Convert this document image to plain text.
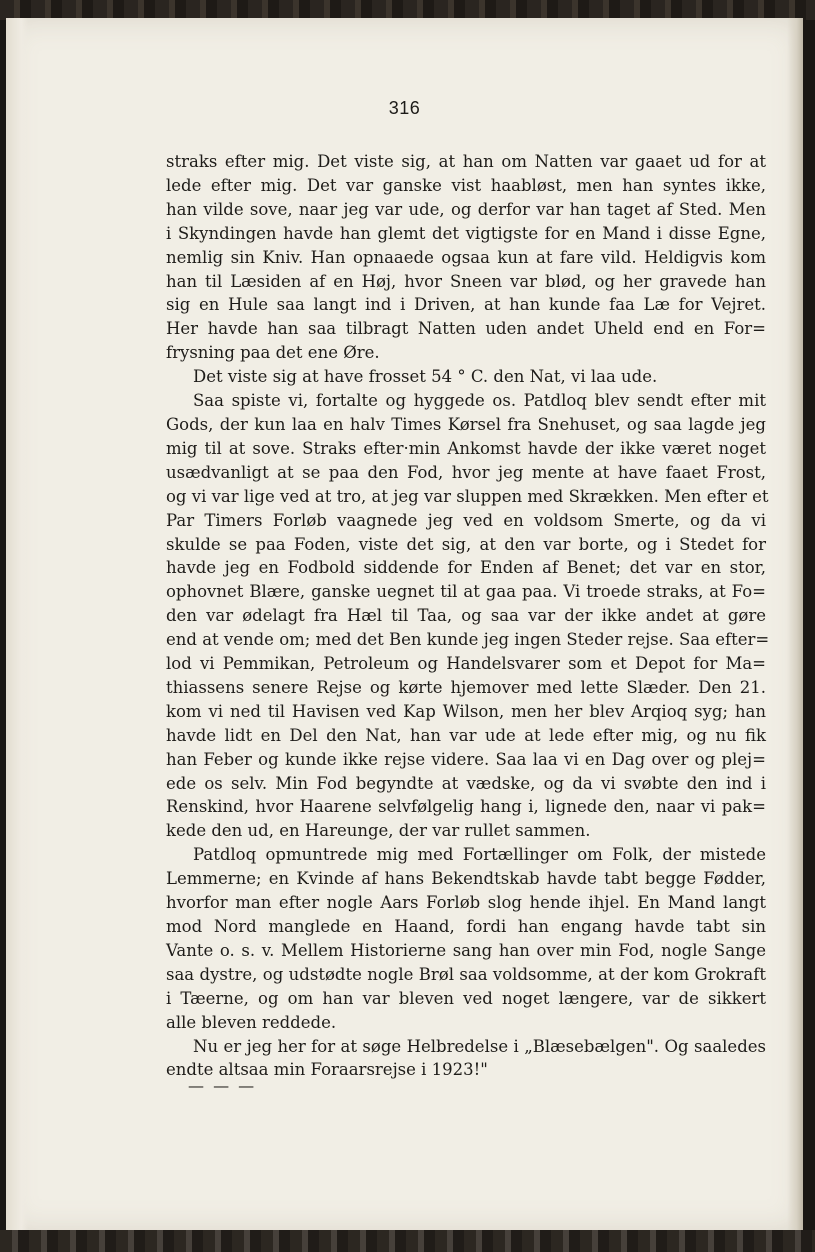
316
straks efter mig. Det viste sig, at han om Natten var gaaet ud for at
lede efter mig. Det var ganske vist haabløst, men han syntes ikke,
han vilde sove, naar jeg var ude, og derfor var han taget af Sted. Men
i Skyndingen havde han glemt det vigtigste for en Mand i disse Egne,
nemlig sin Kniv. Han opnaaede ogsaa kun at fare vild. Heldigvis kom
han til Læsiden af en Høj, hvor Sneen var blød, og her gravede han
sig en Hule saa langt ind i Driven, at han kunde faa Læ for Vejret.
Her havde han saa tilbragt Natten uden andet Uheld end en For=
frysning paa det ene Øre.
Det viste sig at have frosset 54 ° C. den Nat, vi laa ude.
Saa spiste vi, fortalte og hyggede os. Patdloq blev sendt efter mit
Gods, der kun laa en halv Times Kørsel fra Snehuset, og saa lagde jeg
mig til at sove. Straks efter·min Ankomst havde der ikke været noget
usædvanligt at se paa den Fod, hvor jeg mente at have faaet Frost,
og vi var lige ved at tro, at jeg var sluppen med Skrækken. Men efter et
Par Timers Forløb vaagnede jeg ved en voldsom Smerte, og da vi
skulde se paa Foden, viste det sig, at den var borte, og i Stedet for
havde jeg en Fodbold siddende for Enden af Benet; det var en stor,
ophovnet Blære, ganske uegnet til at gaa paa. Vi troede straks, at Fo=
den var ødelagt fra Hæl til Taa, og saa var der ikke andet at gøre
end at vende om; med det Ben kunde jeg ingen Steder rejse. Saa efter=
lod vi Pemmikan, Petroleum og Handelsvarer som et Depot for Ma=
thiassens senere Rejse og kørte hjemover med lette Slæder. Den 21.
kom vi ned til Havisen ved Kap Wilson, men her blev Arqioq syg; han
havde lidt en Del den Nat, han var ude at lede efter mig, og nu fik
han Feber og kunde ikke rejse videre. Saa laa vi en Dag over og plej=
ede os selv. Min Fod begyndte at vædske, og da vi svøbte den ind i
Renskind, hvor Haarene selvfølgelig hang i, lignede den, naar vi pak=
kede den ud, en Hareunge, der var rullet sammen.
Patdloq opmuntrede mig med Fortællinger om Folk, der mistede
Lemmerne; en Kvinde af hans Bekendtskab havde tabt begge Fødder,
hvorfor man efter nogle Aars Forløb slog hende ihjel. En Mand langt
mod Nord manglede en Haand, fordi han engang havde tabt sin
Vante o. s. v. Mellem Historierne sang han over min Fod, nogle Sange
saa dystre, og udstødte nogle Brøl saa voldsomme, at der kom Grokraft
i Tæerne, og om han var bleven ved noget længere, var de sikkert
alle bleven reddede.
Nu er jeg her for at søge Helbredelse i „Blæsebælgen". Og saaledes
endte altsaa min Foraarsrejse i 1923!"
— — —
